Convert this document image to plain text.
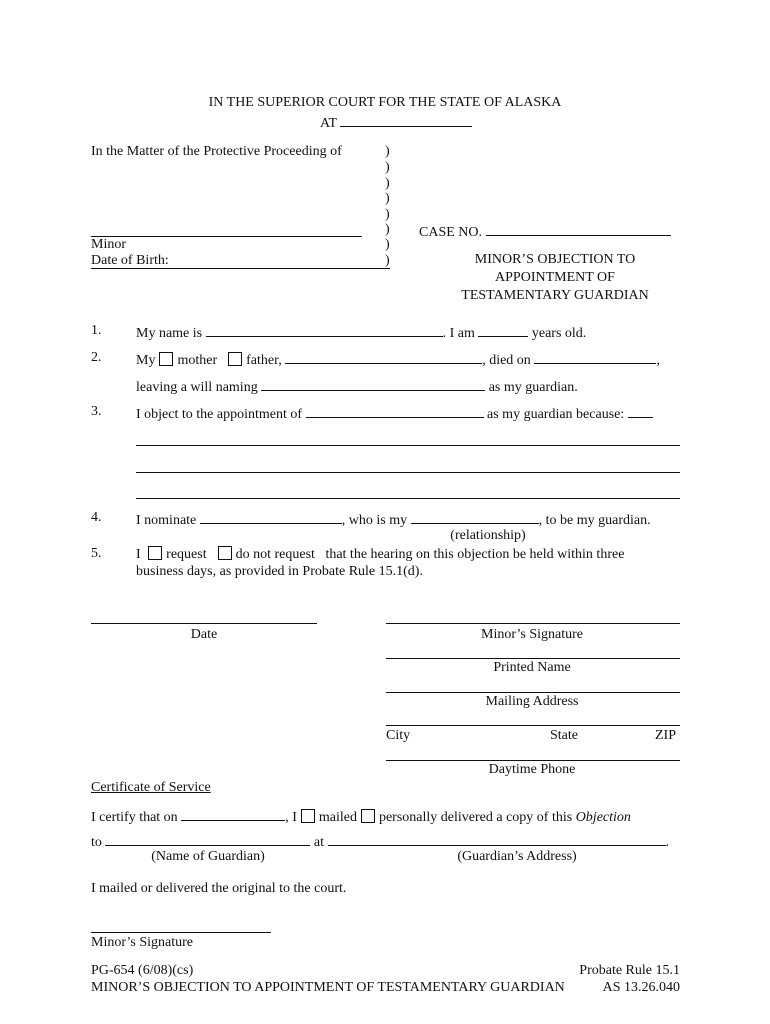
IN THE SUPERIOR COURT FOR THE STATE OF ALASKA
AT
In the Matter of the Protective Proceeding of	)
)
)
)
)
)
)
)
Minor
Date of Birth:
CASE NO.
MINOR’S OBJECTION TO
APPOINTMENT OF
TESTAMENTARY GUARDIAN
1. My name is	. I am	years old.
2. My mother father,	, died on	,
leaving a will naming	as my guardian.
3. I object to the appointment of	as my guardian because:
4. I nominate	, who is my	, to be my guardian.
(relationship)
5. I request do not request that the hearing on this objection be held within three
business days, as provided in Probate Rule 15.1(d).
Date	Minor’s Signature
Printed Name
Mailing Address
City	State	ZIP
Daytime Phone
Certificate of Service
I certify that on	, I mailed personally delivered a copy of this Objection
to	at	.
(Name of Guardian)	(Guardian’s Address)
I mailed or delivered the original to the court.
Minor’s Signature
PG-654 (6/08)(cs)
MINOR’S OBJECTION TO APPOINTMENT OF TESTAMENTARY GUARDIAN
Probate Rule 15.1
AS 13.26.040
